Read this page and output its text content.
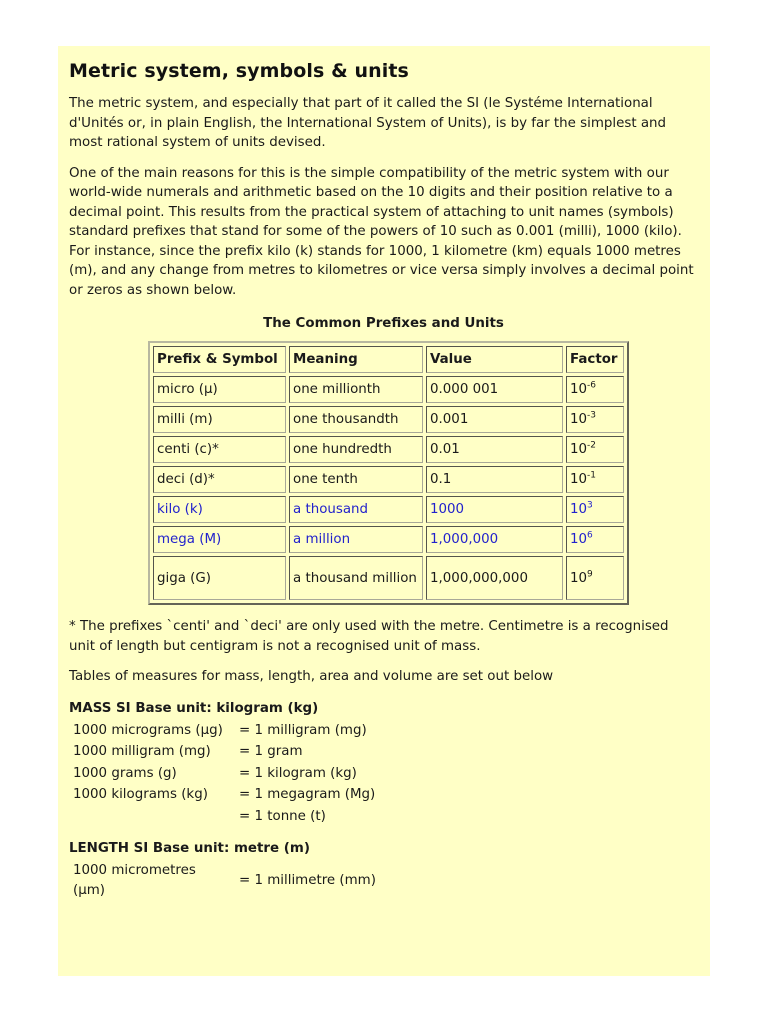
Metric system, symbols & units

The metric system, and especially that part of it called the SI (le Systéme International d'Unités or, in plain English, the International System of Units), is by far the simplest and most rational system of units devised.

One of the main reasons for this is the simple compatibility of the metric system with our world-wide numerals and arithmetic based on the 10 digits and their position relative to a decimal point. This results from the practical system of attaching to unit names (symbols) standard prefixes that stand for some of the powers of 10 such as 0.001 (milli), 1000 (kilo). For instance, since the prefix kilo (k) stands for 1000, 1 kilometre (km) equals 1000 metres (m), and any change from metres to kilometres or vice versa simply involves a decimal point or zeros as shown below.

The Common Prefixes and Units
Prefix & Symbol	Meaning	Value	Factor
micro (μ)	one millionth	0.000 001	$10^{-6}$
milli (m)	one thousandth	0.001	$10^{-3}$
centi (c)*	one hundredth	0.01	$10^{-2}$
deci (d)*	one tenth	0.1	$10^{-1}$
kilo (k)	a thousand	1000	$10^3$
mega (M)	a million	1,000,000	$10^6$
giga (G)	a thousand million	1,000,000,000	$10^9$

* The prefixes `centi' and `deci' are only used with the metre. Centimetre is a recognised unit of length but centigram is not a recognised unit of mass.

Tables of measures for mass, length, area and volume are set out below

MASS SI Base unit: kilogram (kg)
1000 micrograms (μg)	= 1 milligram (mg)
1000 milligram (mg)	= 1 gram
1000 grams (g)	= 1 kilogram (kg)
1000 kilograms (kg)	= 1 megagram (Mg)
	= 1 tonne (t)
LENGTH SI Base unit: metre (m)
1000 micrometres (μm)	= 1 millimetre (mm)
